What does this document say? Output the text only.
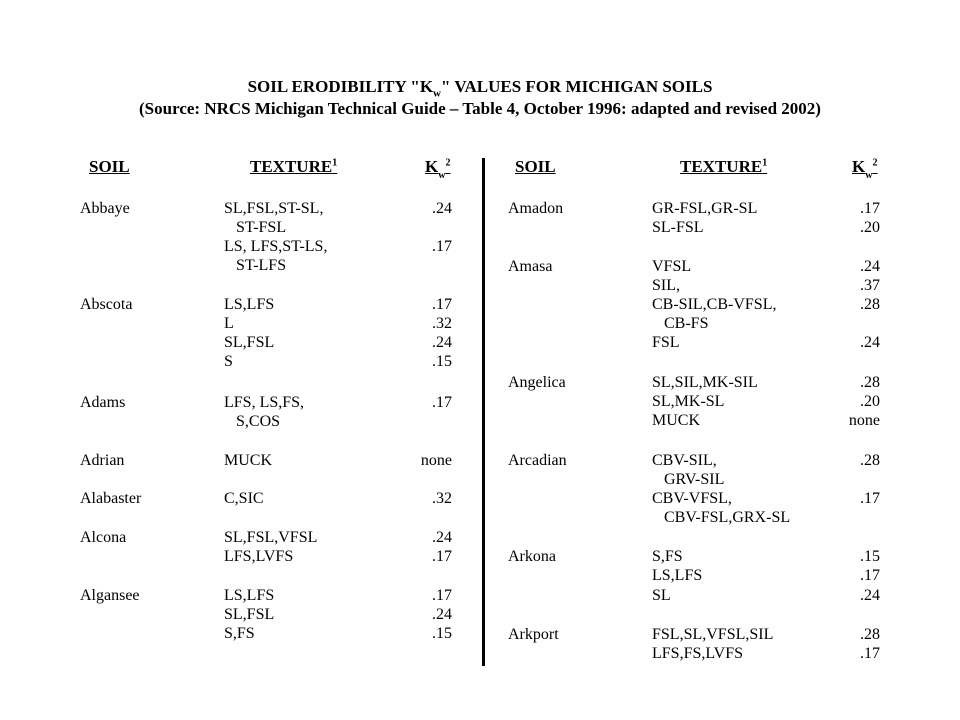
SOIL ERODIBILITY "$K_w$" VALUES FOR MICHIGAN SOILS
(Source: NRCS Michigan Technical Guide – Table 4, October 1996: adapted and revised 2002)
SOIL	TEXTURE$^1$	$K_w^2$	SOIL	TEXTURE$^1$	$K_w^2$
Abbaye	SL,FSL,ST-SL,	.24
ST-FSL
LS, LFS,ST-LS,	.17
ST-LFS
Abscota	LS,LFS	.17
L	.32
SL,FSL	.24
S	.15
Adams	LFS, LS,FS,	.17
S,COS
Adrian	MUCK	none
Alabaster	C,SIC	.32
Alcona	SL,FSL,VFSL	.24
LFS,LVFS	.17
Algansee	LS,LFS	.17
SL,FSL	.24
S,FS	.15
Amadon	GR-FSL,GR-SL	.17
SL-FSL	.20
Amasa	VFSL	.24
SIL,	.37
CB-SIL,CB-VFSL,	.28
CB-FS
FSL	.24
Angelica	SL,SIL,MK-SIL	.28
SL,MK-SL	.20
MUCK	none
Arcadian	CBV-SIL,	.28
GRV-SIL
CBV-VFSL,	.17
CBV-FSL,GRX-SL
Arkona	S,FS	.15
LS,LFS	.17
SL	.24
Arkport	FSL,SL,VFSL,SIL	.28
LFS,FS,LVFS	.17
